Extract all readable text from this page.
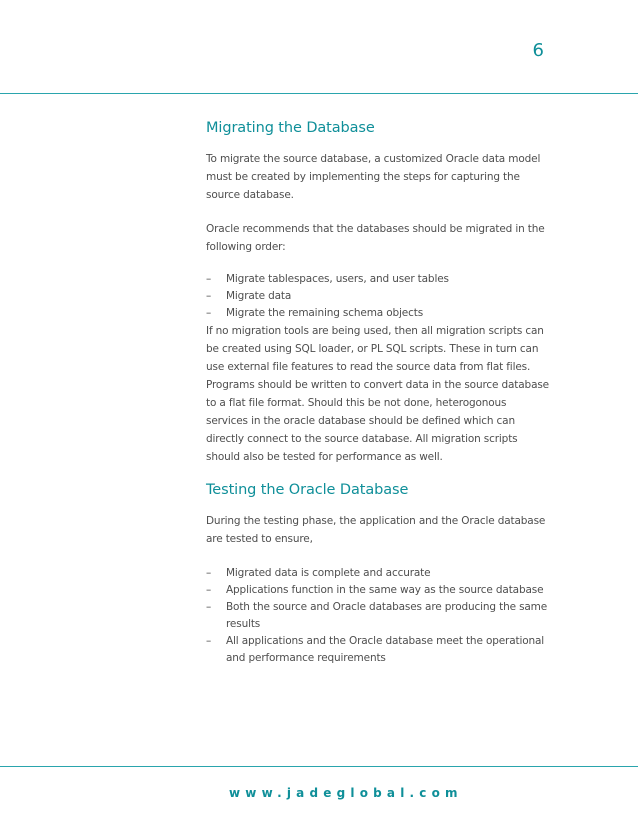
6
Migrating the Database

To migrate the source database, a customized Oracle data model must be created by implementing the steps for capturing the source database.

Oracle recommends that the databases should be migrated in the following order:

– Migrate tablespaces, users, and user tables
– Migrate data
– Migrate the remaining schema objects

If no migration tools are being used, then all migration scripts can be created using SQL loader, or PL SQL scripts. These in turn can use external file features to read the source data from flat files. Programs should be written to convert data in the source database to a flat file format. Should this be not done, heterogonous services in the oracle database should be defined which can directly connect to the source database. All migration scripts should also be tested for performance as well.

Testing the Oracle Database

During the testing phase, the application and the Oracle database are tested to ensure,

– Migrated data is complete and accurate
– Applications function in the same way as the source database
– Both the source and Oracle databases are producing the same results
– All applications and the Oracle database meet the operational and performance requirements
www.jadeglobal.com
